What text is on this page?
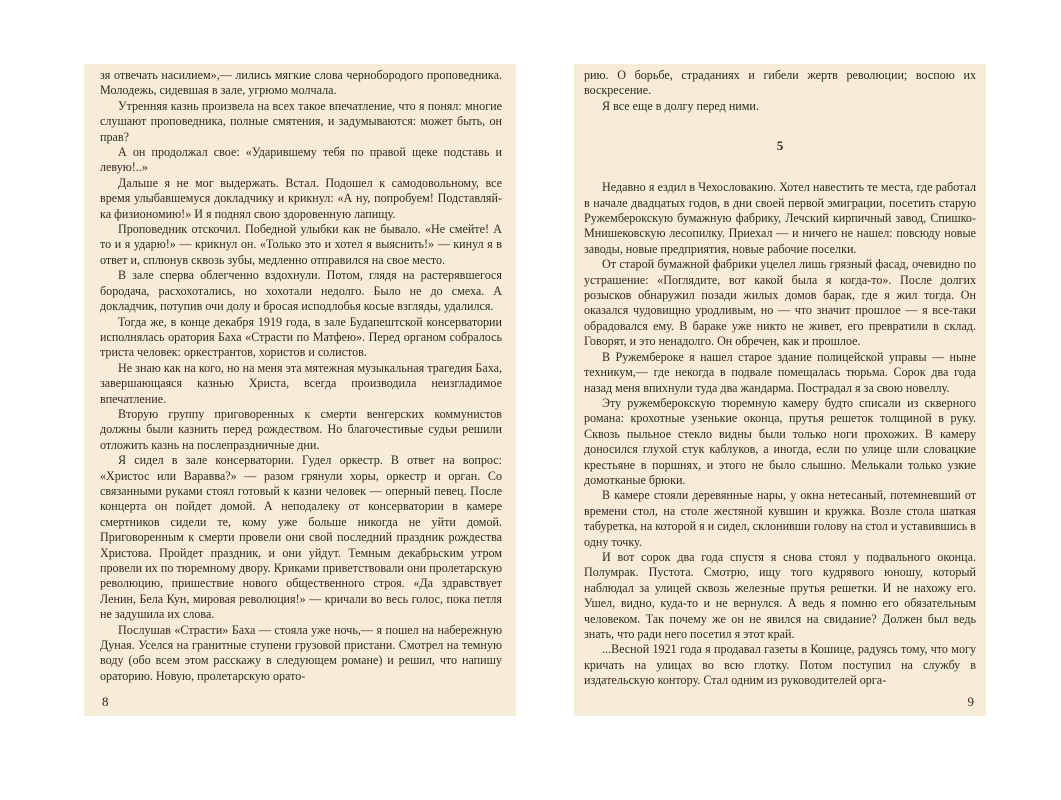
зя отвечать насилием»,— лились мягкие слова чернобородого проповедника. Молодежь, сидевшая в зале, угрюмо молчала.

Утренняя казнь произвела на всех такое впечатление, что я понял: многие слушают проповедника, полные смятения, и задумываются: может быть, он прав?

А он продолжал свое: «Ударившему тебя по правой щеке подставь и левую!..»

Дальше я не мог выдержать. Встал. Подошел к самодовольному, все время улыбавшемуся докладчику и крикнул: «А ну, попробуем! Подставляй-ка физиономию!» И я поднял свою здоровенную лапищу.

Проповедник отскочил. Победной улыбки как не бывало. «Не смейте! А то и я ударю!» — крикнул он. «Только это и хотел я выяснить!» — кинул я в ответ и, сплюнув сквозь зубы, медленно отправился на свое место.

В зале сперва облегченно вздохнули. Потом, глядя на растерявшегося бородача, расхохотались, но хохотали недолго. Было не до смеха. А докладчик, потупив очи долу и бросая исподлобья косые взгляды, удалился.

Тогда же, в конце декабря 1919 года, в зале Будапештской консерватории исполнялась оратория Баха «Страсти по Матфею». Перед органом собралось триста человек: оркестрантов, хористов и солистов.

Не знаю как на кого, но на меня эта мятежная музыкальная трагедия Баха, завершающаяся казнью Христа, всегда производила неизгладимое впечатление.

Вторую группу приговоренных к смерти венгерских коммунистов должны были казнить перед рождеством. Но благочестивые судьи решили отложить казнь на послепраздничные дни.

Я сидел в зале консерватории. Гудел оркестр. В ответ на вопрос: «Христос или Варавва?» — разом грянули хоры, оркестр и орган. Со связанными руками стоял готовый к казни человек — оперный певец. После концерта он пойдет домой. А неподалеку от консерватории в камере смертников сидели те, кому уже больше никогда не уйти домой. Приговоренным к смерти провели они свой последний праздник рождества Христова. Пройдет праздник, и они уйдут. Темным декабрьским утром провели их по тюремному двору. Криками приветствовали они пролетарскую революцию, пришествие нового общественного строя. «Да здравствует Ленин, Бела Кун, мировая революция!» — кричали во весь голос, пока петля не задушила их слова.

Послушав «Страсти» Баха — стояла уже ночь,— я пошел на набережную Дуная. Уселся на гранитные ступени грузовой пристани. Смотрел на темную воду (обо всем этом расскажу в следующем романе) и решил, что напишу ораторию. Новую, пролетарскую орато-

8

рию. О борьбе, страданиях и гибели жертв революции; воспою их воскресение.

Я все еще в долгу перед ними.

5

Недавно я ездил в Чехословакию. Хотел навестить те места, где работал в начале двадцатых годов, в дни своей первой эмиграции, посетить старую Ружемберокскую бумажную фабрику, Лечский кирпичный завод, Спишко-Мнишековскую лесопилку. Приехал — и ничего не нашел: повсюду новые заводы, новые предприятия, новые рабочие поселки.

От старой бумажной фабрики уцелел лишь грязный фасад, очевидно по устрашение: «Поглядите, вот какой была я когда-то». После долгих розысков обнаружил позади жилых домов барак, где я жил тогда. Он оказался чудовищно уродливым, но — что значит прошлое — я все-таки обрадовался ему. В бараке уже никто не живет, его превратили в склад. Говорят, и это ненадолго. Он обречен, как и прошлое.

В Ружембероке я нашел старое здание полицейской управы — ныне техникум,— где некогда в подвале помещалась тюрьма. Сорок два года назад меня впихнули туда два жандарма. Пострадал я за свою новеллу.

Эту ружемберокскую тюремную камеру будто списали из скверного романа: крохотные узенькие оконца, прутья решеток толщиной в руку. Сквозь пыльное стекло видны были только ноги прохожих. В камеру доносился глухой стук каблуков, а иногда, если по улице шли словацкие крестьяне в поршнях, и этого не было слышно. Мелькали только узкие домотканые брюки.

В камере стояли деревянные нары, у окна нетесаный, потемневший от времени стол, на столе жестяной кувшин и кружка. Возле стола шаткая табуретка, на которой я и сидел, склонивши голову на стол и уставившись в одну точку.

И вот сорок два года спустя я снова стоял у подвального оконца. Полумрак. Пустота. Смотрю, ищу того кудрявого юношу, который наблюдал за улицей сквозь железные прутья решетки. И не нахожу его. Ушел, видно, куда-то и не вернулся. А ведь я помню его обязательным человеком. Так почему же он не явился на свидание? Должен был ведь знать, что ради него посетил я этот край.

...Весной 1921 года я продавал газеты в Кошице, радуясь тому, что могу кричать на улицах во всю глотку. Потом поступил на службу в издательскую контору. Стал одним из руководителей орга-

9
